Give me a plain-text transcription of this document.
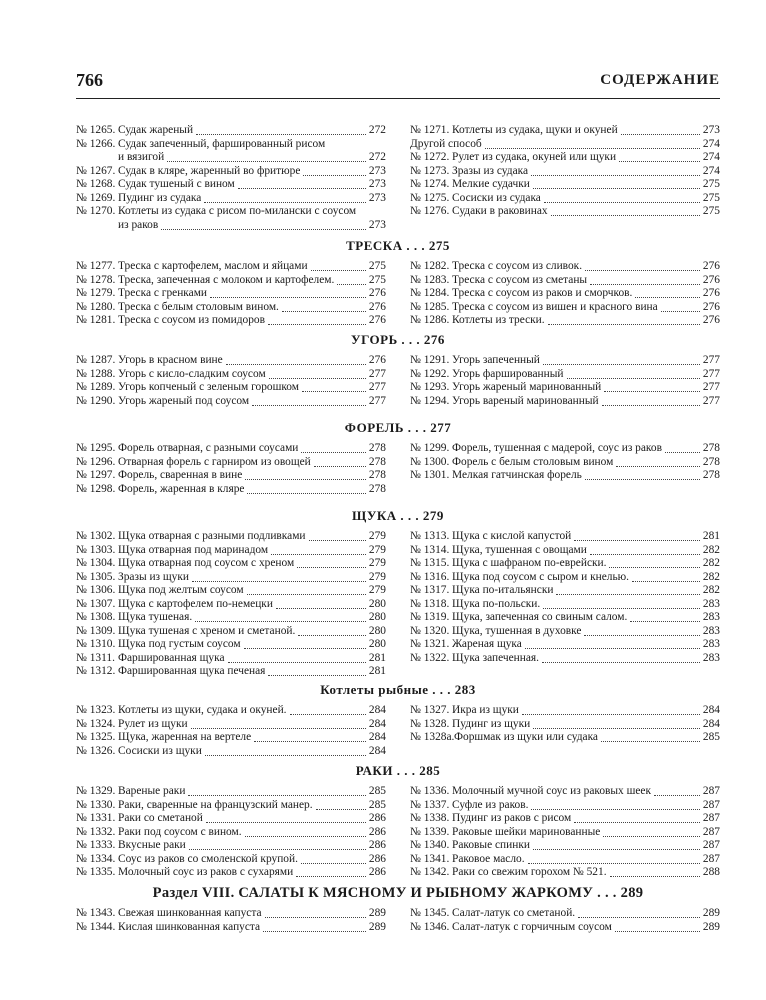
766	СОДЕРЖАНИЕ
№ 1265. Судак жареный	272
№ 1266. Судак запеченный, фаршированный рисом
и вязигой	272
№ 1267. Судак в кляре, жаренный во фритюре	273
№ 1268. Судак тушеный с вином	273
№ 1269. Пудинг из судака	273
№ 1270. Котлеты из судака с рисом по-милански с соусом
из раков	273
№ 1271. Котлеты из судака, щуки и окуней	273
Другой способ	274
№ 1272. Рулет из судака, окуней или щуки	274
№ 1273. Зразы из судака	274
№ 1274. Мелкие судачки	275
№ 1275. Сосиски из судака	275
№ 1276. Судаки в раковинах	275
ТРЕСКА . . . 275
№ 1277. Треска с картофелем, маслом и яйцами	275
№ 1278. Треска, запеченная с молоком и картофелем.	275
№ 1279. Треска с гренками	276
№ 1280. Треска с белым столовым вином.	276
№ 1281. Треска с соусом из помидоров	276
№ 1282. Треска с соусом из сливок.	276
№ 1283. Треска с соусом из сметаны	276
№ 1284. Треска с соусом из раков и сморчков.	276
№ 1285. Треска с соусом из вишен и красного вина	276
№ 1286. Котлеты из трески.	276
УГОРЬ . . . 276
№ 1287. Угорь в красном вине	276
№ 1288. Угорь с кисло-сладким соусом	277
№ 1289. Угорь копченый с зеленым горошком	277
№ 1290. Угорь жареный под соусом	277
№ 1291. Угорь запеченный	277
№ 1292. Угорь фаршированный	277
№ 1293. Угорь жареный маринованный	277
№ 1294. Угорь вареный маринованный	277
ФОРЕЛЬ . . . 277
№ 1295. Форель отварная, с разными соусами	278
№ 1296. Отварная форель с гарниром из овощей	278
№ 1297. Форель, сваренная в вине	278
№ 1298. Форель, жаренная в кляре	278
№ 1299. Форель, тушенная с мадерой, соус из раков	278
№ 1300. Форель с белым столовым вином	278
№ 1301. Мелкая гатчинская форель	278
ЩУКА . . . 279
№ 1302. Щука отварная с разными подливками	279
№ 1303. Щука отварная под маринадом	279
№ 1304. Щука отварная под соусом с хреном	279
№ 1305. Зразы из щуки	279
№ 1306. Щука под желтым соусом	279
№ 1307. Щука с картофелем по-немецки	280
№ 1308. Щука тушеная.	280
№ 1309. Щука тушеная с хреном и сметаной.	280
№ 1310. Щука под густым соусом	280
№ 1311. Фаршированная щука	281
№ 1312. Фаршированная щука печеная	281
№ 1313. Щука с кислой капустой	281
№ 1314. Щука, тушенная с овощами	282
№ 1315. Щука с шафраном по-еврейски.	282
№ 1316. Щука под соусом с сыром и кнелью.	282
№ 1317. Щука по-итальянски	282
№ 1318. Щука по-польски.	283
№ 1319. Щука, запеченная со свиным салом.	283
№ 1320. Щука, тушенная в духовке	283
№ 1321. Жареная щука	283
№ 1322. Щука запеченная.	283
Котлеты рыбные . . . 283
№ 1323. Котлеты из щуки, судака и окуней.	284
№ 1324. Рулет из щуки	284
№ 1325. Щука, жаренная на вертеле	284
№ 1326. Сосиски из щуки	284
№ 1327. Икра из щуки	284
№ 1328. Пудинг из щуки	284
№ 1328а. Форшмак из щуки или судака	285
РАКИ . . . 285
№ 1329. Вареные раки	285
№ 1330. Раки, сваренные на французский манер.	285
№ 1331. Раки со сметаной	286
№ 1332. Раки под соусом с вином.	286
№ 1333. Вкусные раки	286
№ 1334. Соус из раков со смоленской крупой.	286
№ 1335. Молочный соус из раков с сухарями	286
№ 1336. Молочный мучной соус из раковых шеек	287
№ 1337. Суфле из раков.	287
№ 1338. Пудинг из раков с рисом	287
№ 1339. Раковые шейки маринованные	287
№ 1340. Раковые спинки	287
№ 1341. Раковое масло.	287
№ 1342. Раки со свежим горохом № 521.	288
Раздел VIII. САЛАТЫ К МЯСНОМУ И РЫБНОМУ ЖАРКОМУ . . . 289
№ 1343. Свежая шинкованная капуста	289
№ 1344. Кислая шинкованная капуста	289
№ 1345. Салат-латук со сметаной.	289
№ 1346. Салат-латук с горчичным соусом	289
